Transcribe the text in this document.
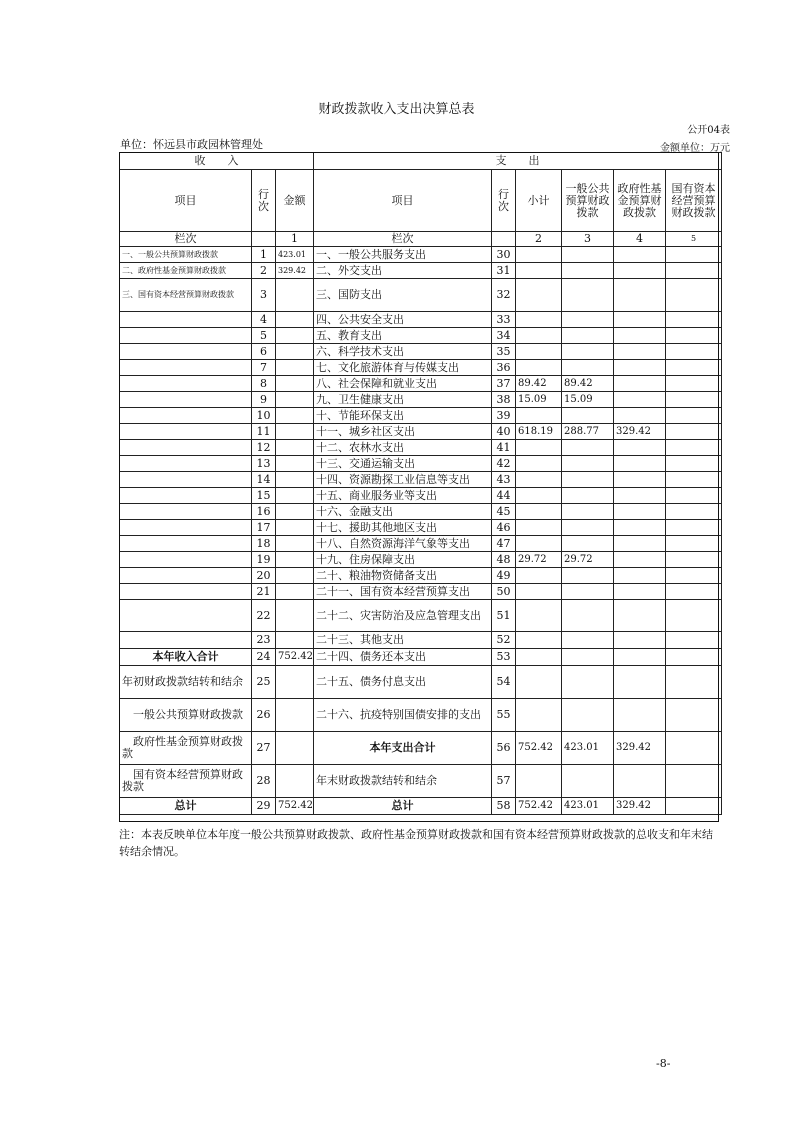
财政拨款收入支出决算总表
公开04表
单位：怀远县市政园林管理处	金额单位：万元
收　　入			支　　出					
项目	行次	金额	项目	行次	小计	一般公共预算财政拨款	政府性基金预算财政拨款	国有资本经营预算财政拨款
栏次		1	栏次		2	3	4	5
一、一般公共预算财政拨款	1	423.01	一、一般公共服务支出	30				
二、政府性基金预算财政拨款	2	329.42	二、外交支出	31				
三、国有资本经营预算财政拨款	3		三、国防支出	32				
	4		四、公共安全支出	33				
	5		五、教育支出	34				
	6		六、科学技术支出	35				
	7		七、文化旅游体育与传媒支出	36				
	8		八、社会保障和就业支出	37	89.42	89.42		
	9		九、卫生健康支出	38	15.09	15.09		
	10		十、节能环保支出	39				
	11		十一、城乡社区支出	40	618.19	288.77	329.42	
	12		十二、农林水支出	41				
	13		十三、交通运输支出	42				
	14		十四、资源勘探工业信息等支出	43				
	15		十五、商业服务业等支出	44				
	16		十六、金融支出	45				
	17		十七、援助其他地区支出	46				
	18		十八、自然资源海洋气象等支出	47				
	19		十九、住房保障支出	48	29.72	29.72		
	20		二十、粮油物资储备支出	49				
	21		二十一、国有资本经营预算支出	50				
	22		二十二、灾害防治及应急管理支出	51				
	23		二十三、其他支出	52				
本年收入合计	24	752.42	二十四、债务还本支出	53				
年初财政拨款结转和结余	25		二十五、债务付息支出	54				
　一般公共预算财政拨款	26		二十六、抗疫特别国债安排的支出	55				
　政府性基金预算财政拨款	27		本年支出合计	56	752.42	423.01	329.42	
　国有资本经营预算财政拨款	28		年末财政拨款结转和结余	57				
总计	29	752.42	总计	58	752.42	423.01	329.42	
注：本表反映单位本年度一般公共预算财政拨款、政府性基金预算财政拨款和国有资本经营预算财政拨款的总收支和年末结转结余情况。
-8-
